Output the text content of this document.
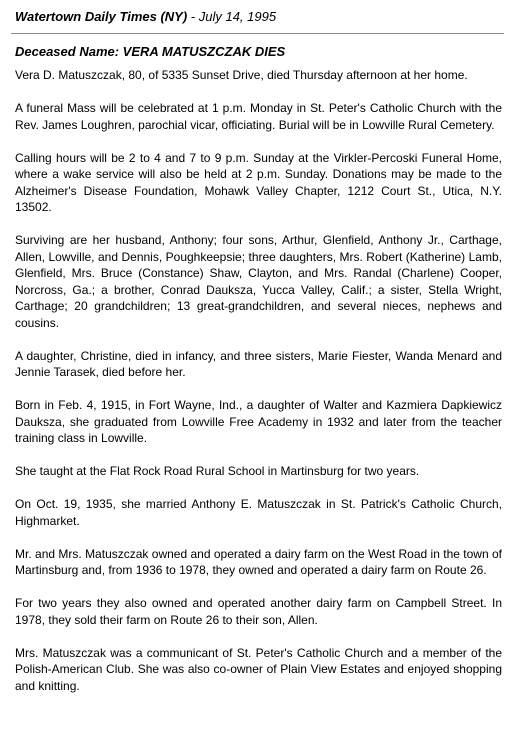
Watertown Daily Times (NY) - July 14, 1995
Deceased Name: VERA MATUSZCZAK DIES

Vera D. Matuszczak, 80, of 5335 Sunset Drive, died Thursday afternoon at her home.

A funeral Mass will be celebrated at 1 p.m. Monday in St. Peter's Catholic Church with the Rev. James Loughren, parochial vicar, officiating. Burial will be in Lowville Rural Cemetery.

Calling hours will be 2 to 4 and 7 to 9 p.m. Sunday at the Virkler-Percoski Funeral Home, where a wake service will also be held at 2 p.m. Sunday. Donations may be made to the Alzheimer's Disease Foundation, Mohawk Valley Chapter, 1212 Court St., Utica, N.Y. 13502.

Surviving are her husband, Anthony; four sons, Arthur, Glenfield, Anthony Jr., Carthage, Allen, Lowville, and Dennis, Poughkeepsie; three daughters, Mrs. Robert (Katherine) Lamb, Glenfield, Mrs. Bruce (Constance) Shaw, Clayton, and Mrs. Randal (Charlene) Cooper, Norcross, Ga.; a brother, Conrad Dauksza, Yucca Valley, Calif.; a sister, Stella Wright, Carthage; 20 grandchildren; 13 great-grandchildren, and several nieces, nephews and cousins.

A daughter, Christine, died in infancy, and three sisters, Marie Fiester, Wanda Menard and Jennie Tarasek, died before her.

Born in Feb. 4, 1915, in Fort Wayne, Ind., a daughter of Walter and Kazmiera Dapkiewicz Dauksza, she graduated from Lowville Free Academy in 1932 and later from the teacher training class in Lowville.

She taught at the Flat Rock Road Rural School in Martinsburg for two years.

On Oct. 19, 1935, she married Anthony E. Matuszczak in St. Patrick's Catholic Church, Highmarket.

Mr. and Mrs. Matuszczak owned and operated a dairy farm on the West Road in the town of Martinsburg and, from 1936 to 1978, they owned and operated a dairy farm on Route 26.

For two years they also owned and operated another dairy farm on Campbell Street. In 1978, they sold their farm on Route 26 to their son, Allen.

Mrs. Matuszczak was a communicant of St. Peter's Catholic Church and a member of the Polish-American Club. She was also co-owner of Plain View Estates and enjoyed shopping and knitting.
